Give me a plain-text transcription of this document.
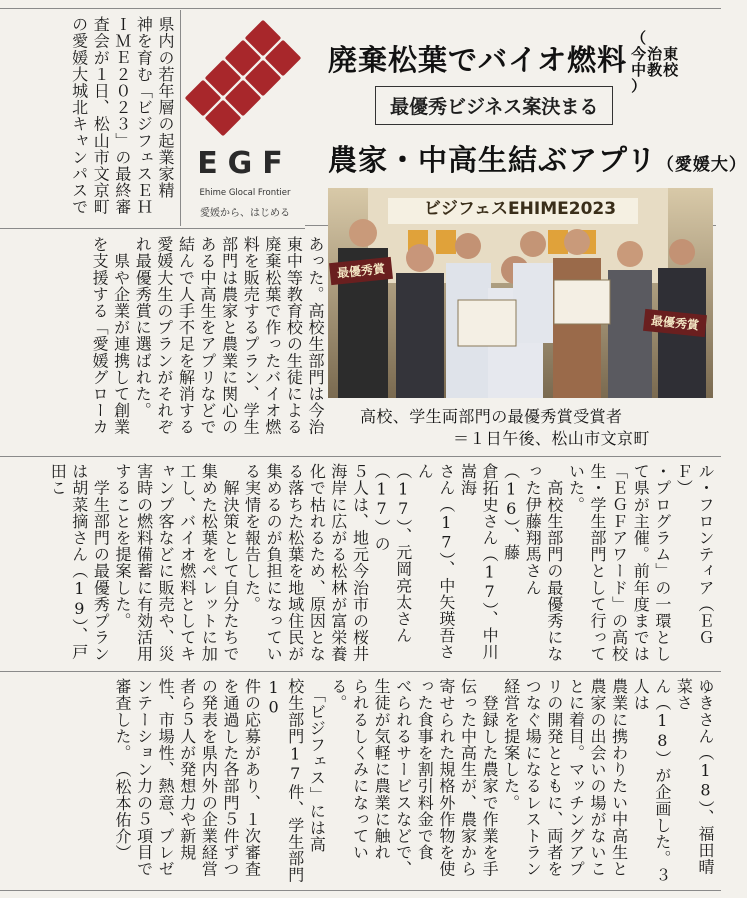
廃棄松葉でバイオ燃料（
今治東
中教校
）
最優秀ビジネス案決まる
農家・中高生結ぶアプリ（愛媛大）
EGF
Ehime Glocal Frontier
愛媛から、はじめる	ビジフェスEHIME2023
最優秀賞
最優秀賞
高校、学生両部門の最優秀賞受賞者
＝１日午後、松山市文京町
県内の若年層の起業家精
神を育む「ビジフェスＥＨ
ＩＭＥ２０２３」の最終審
査会が１日、松山市文京町
の愛媛大城北キャンパスで
あった。高校生部門は今治
東中等教育校の生徒による
廃棄松葉で作ったバイオ燃
料を販売するプラン、学生
部門は農家と農業に関心の
ある中高生をアプリなどで
結んで人手不足を解消する
愛媛大生のプランがそれぞ
れ最優秀賞に選ばれた。
　県や企業が連携して創業
を支援する「愛媛グローカ
ル・フロンティア（ＥＧＦ）
・プログラム」の一環とし
て県が主催。前年度までは
「ＥＧＦアワード」の高校
生・学生部門として行って
いた。
　高校生部門の最優秀にな
った伊藤翔馬さん（16）、藤
倉拓史さん（17）、中川嵩海
さん（17）、中矢瑛吾さん
（17）、元岡亮太さん（17）の
５人は、地元今治市の桜井
海岸に広がる松林が富栄養
化で枯れるため、原因とな
る落ちた松葉を地域住民が
集めるのが負担になってい
る実情を報告した。
　解決策として自分たちで
集めた松葉をペレットに加
工し、バイオ燃料としてキ
ャンプ客などに販売や、災
害時の燃料備蓄に有効活用
することを提案した。
　学生部門の最優秀プラン
は胡菜摘さん（19）、戸田こ
ゆきさん（18）、福田晴菜さ
ん（18）が企画した。３人は
農業に携わりたい中高生と
農家の出会いの場がないこ
とに着目。マッチングアプ
リの開発とともに、両者を
つなぐ場になるレストラン
経営を提案した。
　登録した農家で作業を手
伝った中高生が、農家から
寄せられた規格外作物を使
った食事を割引料金で食
べられるサービスなどで、
生徒が気軽に農業に触れ
られるしくみになってい
る。
　「ビジフェス」には高
校生部門17件、学生部門10
件の応募があり、１次審査
を通過した各部門５件ずつ
の発表を県内外の企業経営
者ら５人が発想力や新規
性、市場性、熱意、プレゼ
ンテーション力の５項目で
審査した。　（松本佑介）
